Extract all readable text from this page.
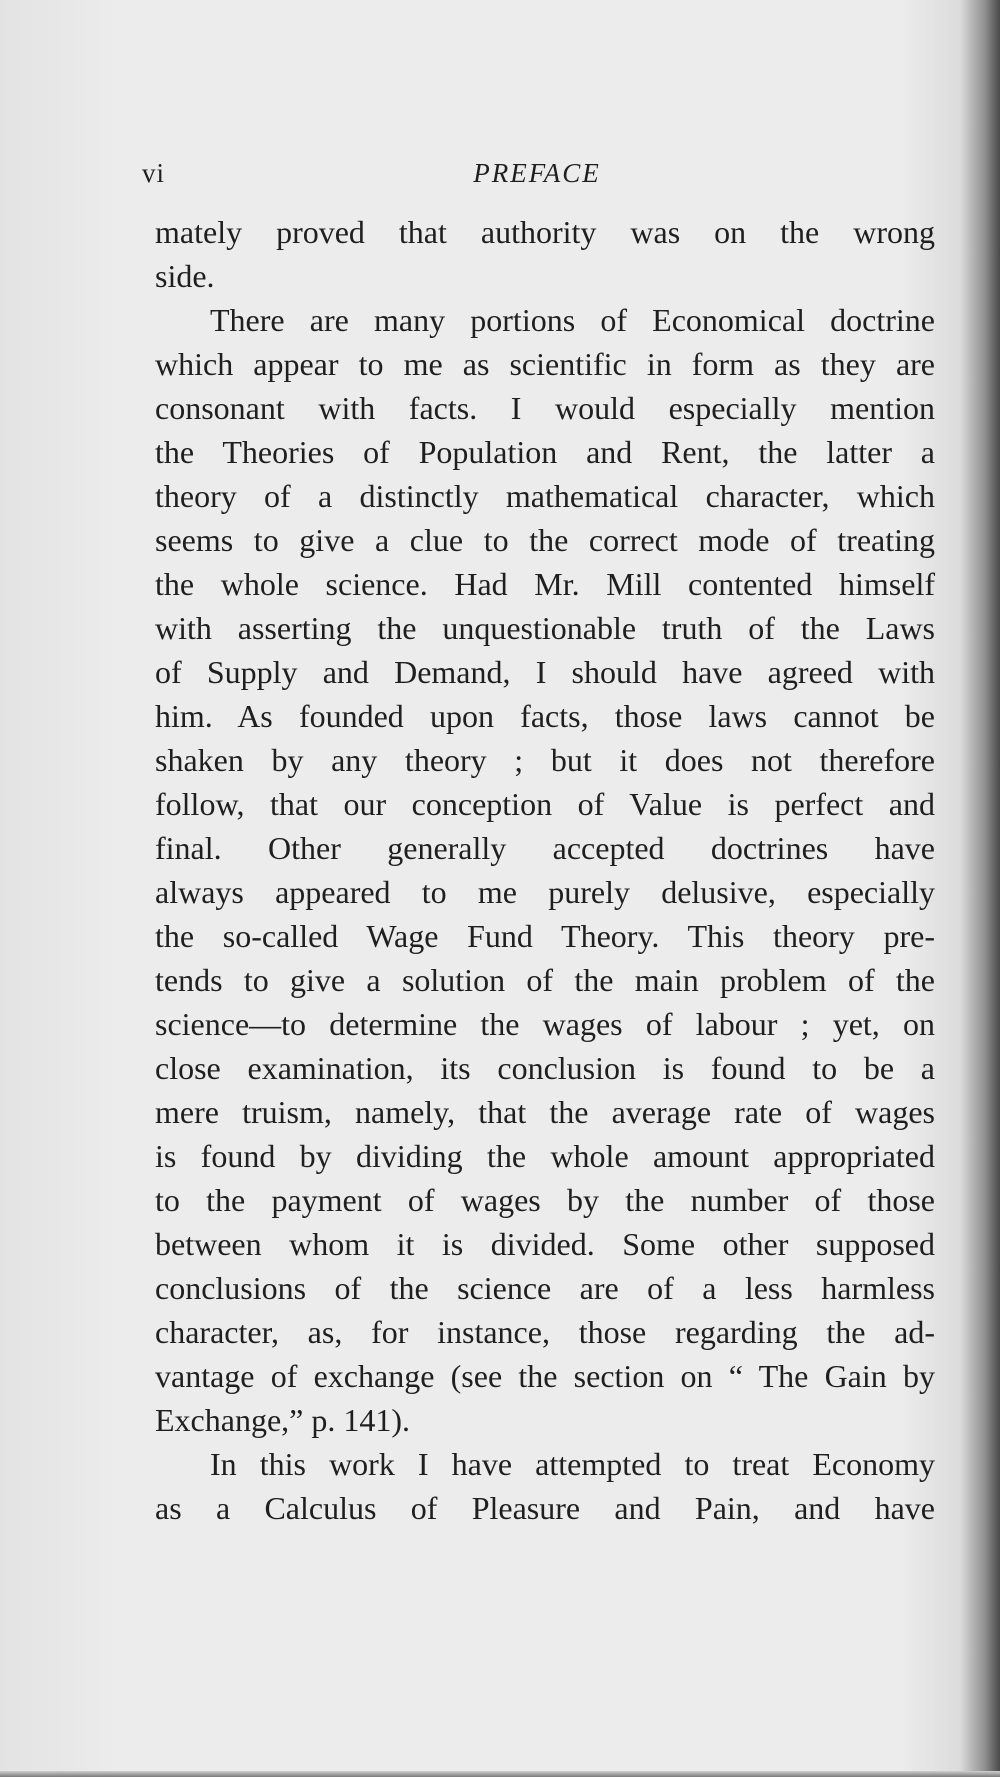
vi	PREFACE
mately proved that authority was on the wrong
side.
There are many portions of Economical doctrine
which appear to me as scientific in form as they are
consonant with facts. I would especially mention
the Theories of Population and Rent, the latter a
theory of a distinctly mathematical character, which
seems to give a clue to the correct mode of treating
the whole science. Had Mr. Mill contented himself
with asserting the unquestionable truth of the Laws
of Supply and Demand, I should have agreed with
him. As founded upon facts, those laws cannot be
shaken by any theory ; but it does not therefore
follow, that our conception of Value is perfect and
final. Other generally accepted doctrines have
always appeared to me purely delusive, especially
the so-called Wage Fund Theory. This theory pre-
tends to give a solution of the main problem of the
science—to determine the wages of labour ; yet, on
close examination, its conclusion is found to be a
mere truism, namely, that the average rate of wages
is found by dividing the whole amount appropriated
to the payment of wages by the number of those
between whom it is divided. Some other supposed
conclusions of the science are of a less harmless
character, as, for instance, those regarding the ad-
vantage of exchange (see the section on “ The Gain by
Exchange,” p. 141).
In this work I have attempted to treat Economy
as a Calculus of Pleasure and Pain, and have
